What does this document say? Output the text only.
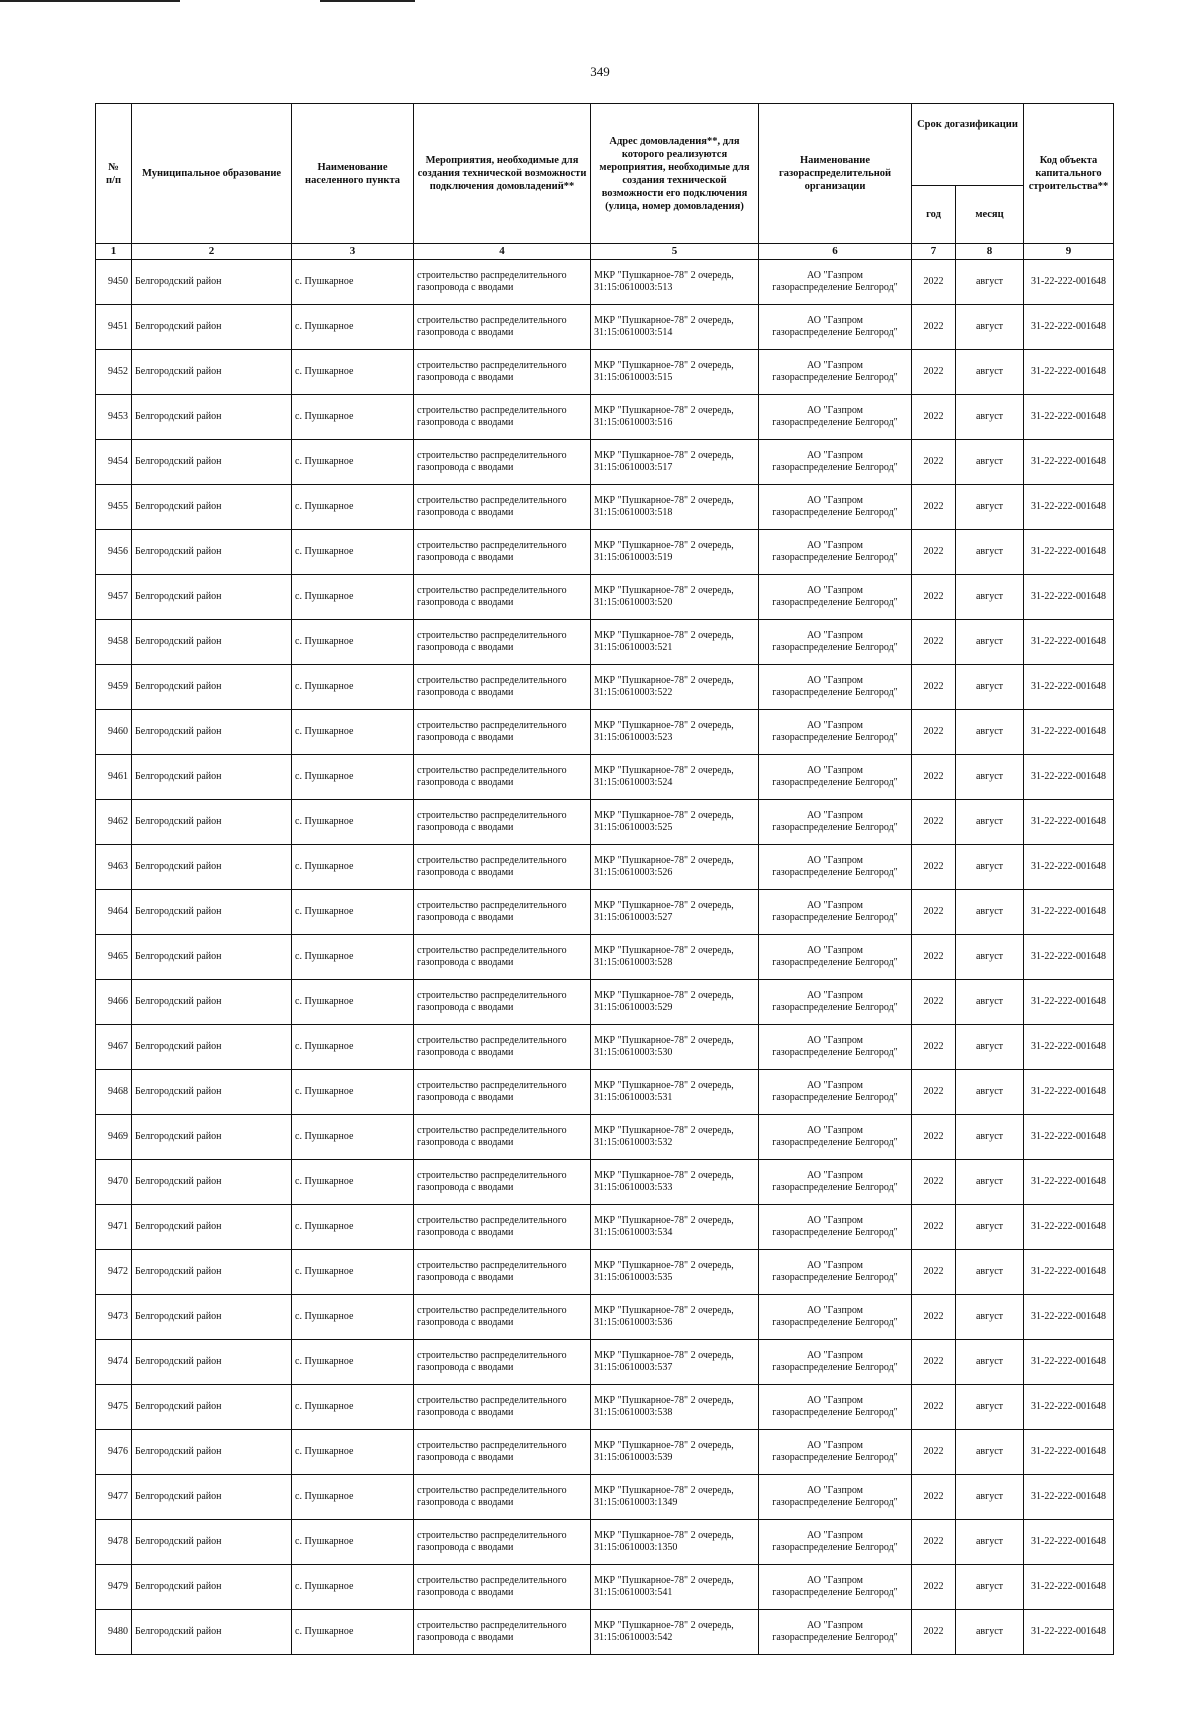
349
№
п/п	Муниципальное образование	Наименование населенного пункта	Мероприятия, необходимые для создания технической возможности подключения домовладений**	Адрес домовладения**, для которого реализуются мероприятия, необходимые для создания технической возможности его подключения (улица, номер домовладения)	Наименование газораспределительной организации	Срок догазификации		Код объекта капитального строительства**
						год	месяц	
1	2	3	4	5	6	7	8	9
9450	Белгородский район	с. Пушкарное	строительство распределительного
газопровода с вводами	МКР "Пушкарное-78" 2 очередь,
31:15:0610003:513	АО "Газпром
газораспределение Белгород"	2022	август	31-22-222-001648
9451	Белгородский район	с. Пушкарное	строительство распределительного
газопровода с вводами	МКР "Пушкарное-78" 2 очередь,
31:15:0610003:514	АО "Газпром
газораспределение Белгород"	2022	август	31-22-222-001648
9452	Белгородский район	с. Пушкарное	строительство распределительного
газопровода с вводами	МКР "Пушкарное-78" 2 очередь,
31:15:0610003:515	АО "Газпром
газораспределение Белгород"	2022	август	31-22-222-001648
9453	Белгородский район	с. Пушкарное	строительство распределительного
газопровода с вводами	МКР "Пушкарное-78" 2 очередь,
31:15:0610003:516	АО "Газпром
газораспределение Белгород"	2022	август	31-22-222-001648
9454	Белгородский район	с. Пушкарное	строительство распределительного
газопровода с вводами	МКР "Пушкарное-78" 2 очередь,
31:15:0610003:517	АО "Газпром
газораспределение Белгород"	2022	август	31-22-222-001648
9455	Белгородский район	с. Пушкарное	строительство распределительного
газопровода с вводами	МКР "Пушкарное-78" 2 очередь,
31:15:0610003:518	АО "Газпром
газораспределение Белгород"	2022	август	31-22-222-001648
9456	Белгородский район	с. Пушкарное	строительство распределительного
газопровода с вводами	МКР "Пушкарное-78" 2 очередь,
31:15:0610003:519	АО "Газпром
газораспределение Белгород"	2022	август	31-22-222-001648
9457	Белгородский район	с. Пушкарное	строительство распределительного
газопровода с вводами	МКР "Пушкарное-78" 2 очередь,
31:15:0610003:520	АО "Газпром
газораспределение Белгород"	2022	август	31-22-222-001648
9458	Белгородский район	с. Пушкарное	строительство распределительного
газопровода с вводами	МКР "Пушкарное-78" 2 очередь,
31:15:0610003:521	АО "Газпром
газораспределение Белгород"	2022	август	31-22-222-001648
9459	Белгородский район	с. Пушкарное	строительство распределительного
газопровода с вводами	МКР "Пушкарное-78" 2 очередь,
31:15:0610003:522	АО "Газпром
газораспределение Белгород"	2022	август	31-22-222-001648
9460	Белгородский район	с. Пушкарное	строительство распределительного
газопровода с вводами	МКР "Пушкарное-78" 2 очередь,
31:15:0610003:523	АО "Газпром
газораспределение Белгород"	2022	август	31-22-222-001648
9461	Белгородский район	с. Пушкарное	строительство распределительного
газопровода с вводами	МКР "Пушкарное-78" 2 очередь,
31:15:0610003:524	АО "Газпром
газораспределение Белгород"	2022	август	31-22-222-001648
9462	Белгородский район	с. Пушкарное	строительство распределительного
газопровода с вводами	МКР "Пушкарное-78" 2 очередь,
31:15:0610003:525	АО "Газпром
газораспределение Белгород"	2022	август	31-22-222-001648
9463	Белгородский район	с. Пушкарное	строительство распределительного
газопровода с вводами	МКР "Пушкарное-78" 2 очередь,
31:15:0610003:526	АО "Газпром
газораспределение Белгород"	2022	август	31-22-222-001648
9464	Белгородский район	с. Пушкарное	строительство распределительного
газопровода с вводами	МКР "Пушкарное-78" 2 очередь,
31:15:0610003:527	АО "Газпром
газораспределение Белгород"	2022	август	31-22-222-001648
9465	Белгородский район	с. Пушкарное	строительство распределительного
газопровода с вводами	МКР "Пушкарное-78" 2 очередь,
31:15:0610003:528	АО "Газпром
газораспределение Белгород"	2022	август	31-22-222-001648
9466	Белгородский район	с. Пушкарное	строительство распределительного
газопровода с вводами	МКР "Пушкарное-78" 2 очередь,
31:15:0610003:529	АО "Газпром
газораспределение Белгород"	2022	август	31-22-222-001648
9467	Белгородский район	с. Пушкарное	строительство распределительного
газопровода с вводами	МКР "Пушкарное-78" 2 очередь,
31:15:0610003:530	АО "Газпром
газораспределение Белгород"	2022	август	31-22-222-001648
9468	Белгородский район	с. Пушкарное	строительство распределительного
газопровода с вводами	МКР "Пушкарное-78" 2 очередь,
31:15:0610003:531	АО "Газпром
газораспределение Белгород"	2022	август	31-22-222-001648
9469	Белгородский район	с. Пушкарное	строительство распределительного
газопровода с вводами	МКР "Пушкарное-78" 2 очередь,
31:15:0610003:532	АО "Газпром
газораспределение Белгород"	2022	август	31-22-222-001648
9470	Белгородский район	с. Пушкарное	строительство распределительного
газопровода с вводами	МКР "Пушкарное-78" 2 очередь,
31:15:0610003:533	АО "Газпром
газораспределение Белгород"	2022	август	31-22-222-001648
9471	Белгородский район	с. Пушкарное	строительство распределительного
газопровода с вводами	МКР "Пушкарное-78" 2 очередь,
31:15:0610003:534	АО "Газпром
газораспределение Белгород"	2022	август	31-22-222-001648
9472	Белгородский район	с. Пушкарное	строительство распределительного
газопровода с вводами	МКР "Пушкарное-78" 2 очередь,
31:15:0610003:535	АО "Газпром
газораспределение Белгород"	2022	август	31-22-222-001648
9473	Белгородский район	с. Пушкарное	строительство распределительного
газопровода с вводами	МКР "Пушкарное-78" 2 очередь,
31:15:0610003:536	АО "Газпром
газораспределение Белгород"	2022	август	31-22-222-001648
9474	Белгородский район	с. Пушкарное	строительство распределительного
газопровода с вводами	МКР "Пушкарное-78" 2 очередь,
31:15:0610003:537	АО "Газпром
газораспределение Белгород"	2022	август	31-22-222-001648
9475	Белгородский район	с. Пушкарное	строительство распределительного
газопровода с вводами	МКР "Пушкарное-78" 2 очередь,
31:15:0610003:538	АО "Газпром
газораспределение Белгород"	2022	август	31-22-222-001648
9476	Белгородский район	с. Пушкарное	строительство распределительного
газопровода с вводами	МКР "Пушкарное-78" 2 очередь,
31:15:0610003:539	АО "Газпром
газораспределение Белгород"	2022	август	31-22-222-001648
9477	Белгородский район	с. Пушкарное	строительство распределительного
газопровода с вводами	МКР "Пушкарное-78" 2 очередь,
31:15:0610003:1349	АО "Газпром
газораспределение Белгород"	2022	август	31-22-222-001648
9478	Белгородский район	с. Пушкарное	строительство распределительного
газопровода с вводами	МКР "Пушкарное-78" 2 очередь,
31:15:0610003:1350	АО "Газпром
газораспределение Белгород"	2022	август	31-22-222-001648
9479	Белгородский район	с. Пушкарное	строительство распределительного
газопровода с вводами	МКР "Пушкарное-78" 2 очередь,
31:15:0610003:541	АО "Газпром
газораспределение Белгород"	2022	август	31-22-222-001648
9480	Белгородский район	с. Пушкарное	строительство распределительного
газопровода с вводами	МКР "Пушкарное-78" 2 очередь,
31:15:0610003:542	АО "Газпром
газораспределение Белгород"	2022	август	31-22-222-001648
